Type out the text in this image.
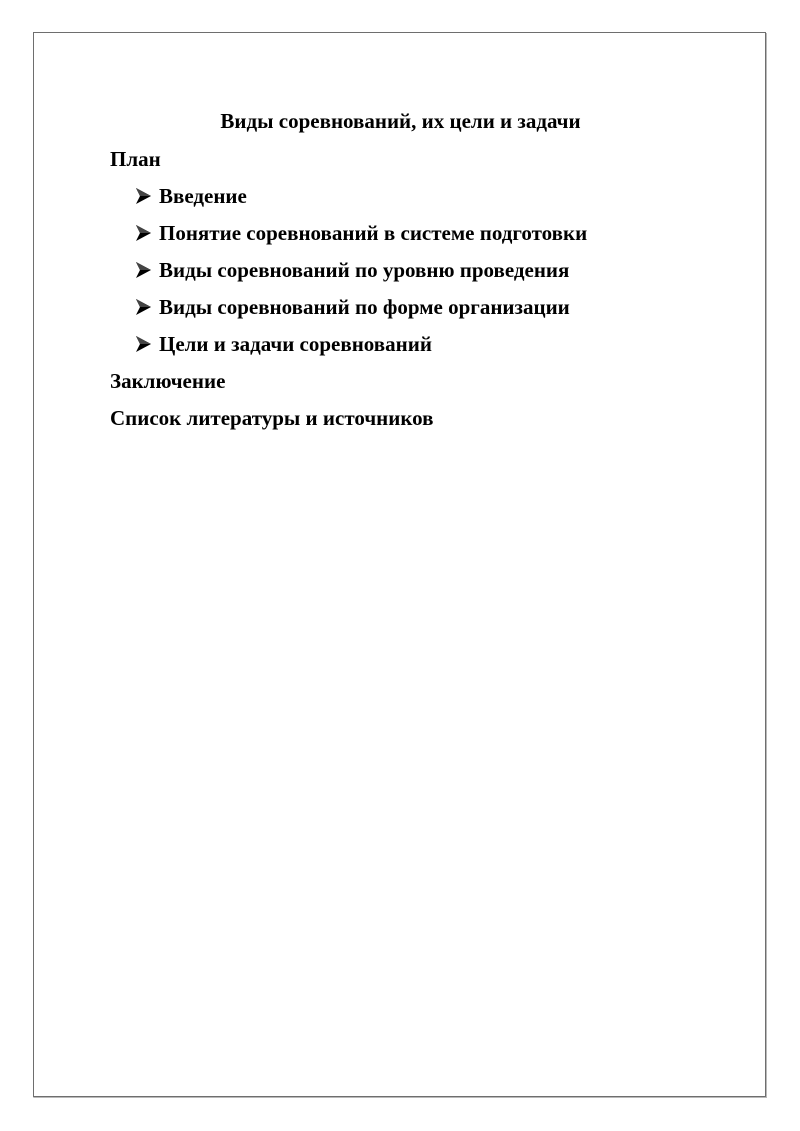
Виды соревнований, их цели и задачи
План
Введение
Понятие соревнований в системе подготовки
Виды соревнований по уровню проведения
Виды соревнований по форме организации
Цели и задачи соревнований
Заключение
Список литературы и источников
